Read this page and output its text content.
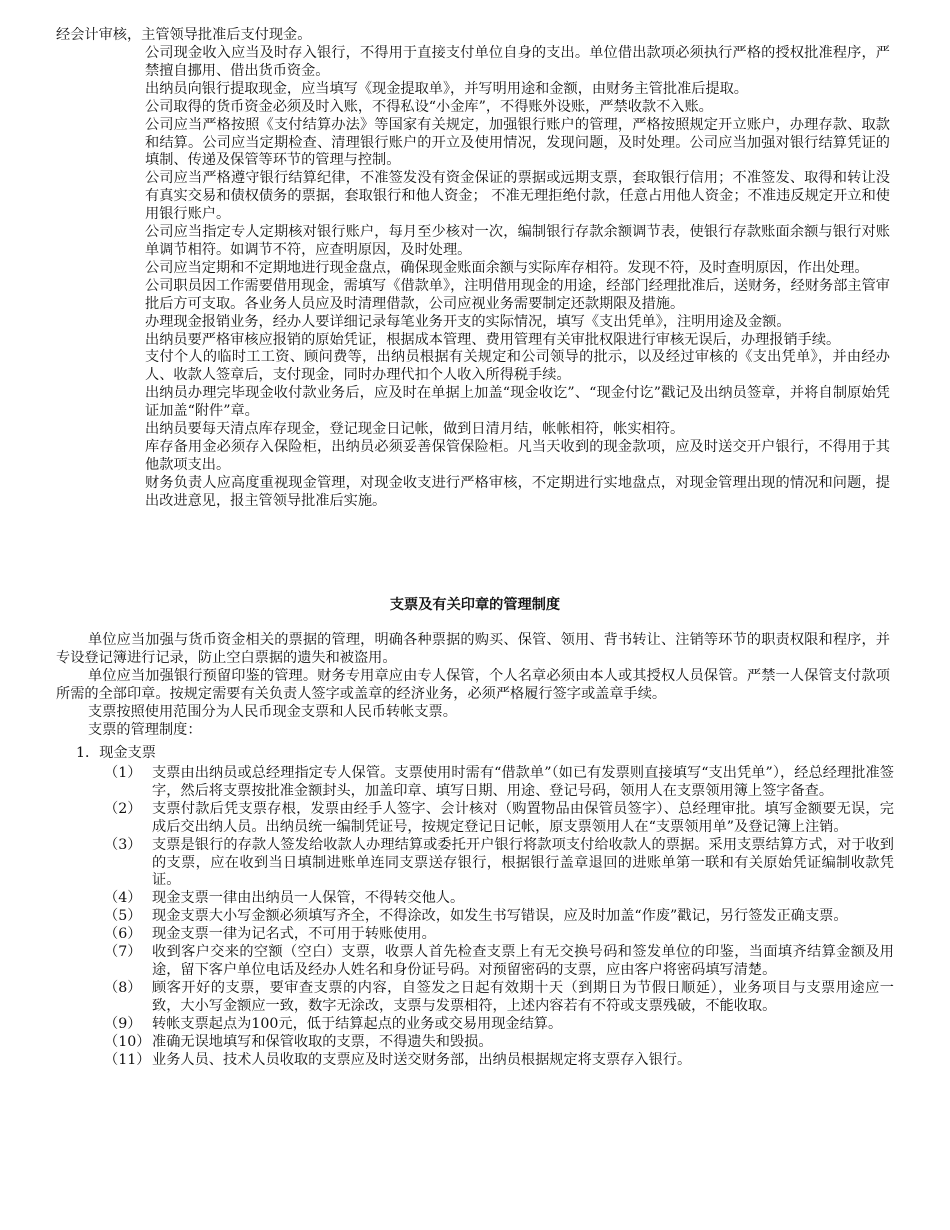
经会计审核，主管领导批准后支付现金。

公司现金收入应当及时存入银行，不得用于直接支付单位自身的支出。单位借出款项必须执行严格的授权批准程序，严禁擅自挪用、借出货币资金。

出纳员向银行提取现金，应当填写《现金提取单》，并写明用途和金额，由财务主管批准后提取。

公司取得的货币资金必须及时入账，不得私设“小金库”，不得账外设账，严禁收款不入账。

公司应当严格按照《支付结算办法》等国家有关规定，加强银行账户的管理，严格按照规定开立账户，办理存款、取款和结算。公司应当定期检查、清理银行账户的开立及使用情况，发现问题，及时处理。公司应当加强对银行结算凭证的填制、传递及保管等环节的管理与控制。

公司应当严格遵守银行结算纪律，不准签发没有资金保证的票据或远期支票，套取银行信用；不准签发、取得和转让没有真实交易和债权债务的票据，套取银行和他人资金； 不准无理拒绝付款，任意占用他人资金；不准违反规定开立和使用银行账户。

公司应当指定专人定期核对银行账户，每月至少核对一次，编制银行存款余额调节表，使银行存款账面余额与银行对账单调节相符。如调节不符，应查明原因，及时处理。

公司应当定期和不定期地进行现金盘点，确保现金账面余额与实际库存相符。发现不符，及时查明原因，作出处理。

公司职员因工作需要借用现金，需填写《借款单》，注明借用现金的用途，经部门经理批准后，送财务，经财务部主管审批后方可支取。各业务人员应及时清理借款，公司应视业务需要制定还款期限及措施。

办理现金报销业务，经办人要详细记录每笔业务开支的实际情况，填写《支出凭单》，注明用途及金额。

出纳员要严格审核应报销的原始凭证，根据成本管理、费用管理有关审批权限进行审核无误后，办理报销手续。

支付个人的临时工工资、顾问费等，出纳员根据有关规定和公司领导的批示，以及经过审核的《支出凭单》，并由经办人、收款人签章后，支付现金，同时办理代扣个人收入所得税手续。

出纳员办理完毕现金收付款业务后，应及时在单据上加盖“现金收讫”、“现金付讫”戳记及出纳员签章，并将自制原始凭证加盖“附件”章。

出纳员要每天清点库存现金，登记现金日记帐，做到日清月结，帐帐相符，帐实相符。

库存备用金必须存入保险柜，出纳员必须妥善保管保险柜。凡当天收到的现金款项，应及时送交开户银行，不得用于其他款项支出。

财务负责人应高度重视现金管理，对现金收支进行严格审核，不定期进行实地盘点，对现金管理出现的情况和问题，提出改进意见，报主管领导批准后实施。

支票及有关印章的管理制度

单位应当加强与货币资金相关的票据的管理，明确各种票据的购买、保管、领用、背书转让、注销等环节的职责权限和程序，并专设登记簿进行记录，防止空白票据的遗失和被盗用。

单位应当加强银行预留印鉴的管理。财务专用章应由专人保管，个人名章必须由本人或其授权人员保管。严禁一人保管支付款项所需的全部印章。按规定需要有关负责人签字或盖章的经济业务，必须严格履行签字或盖章手续。

支票按照使用范围分为人民币现金支票和人民币转帐支票。

支票的管理制度：

1．现金支票
（1） 支票由出纳员或总经理指定专人保管。支票使用时需有“借款单”（如已有发票则直接填写“支出凭单”），经总经理批准签字，然后将支票按批准金额封头，加盖印章、填写日期、用途、登记号码，领用人在支票领用簿上签字备查。
（2） 支票付款后凭支票存根，发票由经手人签字、会计核对（购置物品由保管员签字）、总经理审批。填写金额要无误，完成后交出纳人员。出纳员统一编制凭证号，按规定登记日记帐，原支票领用人在“支票领用单”及登记簿上注销。
（3） 支票是银行的存款人签发给收款人办理结算或委托开户银行将款项支付给收款人的票据。采用支票结算方式，对于收到的支票，应在收到当日填制进账单连同支票送存银行，根据银行盖章退回的进账单第一联和有关原始凭证编制收款凭证。
（4） 现金支票一律由出纳员一人保管，不得转交他人。
（5） 现金支票大小写金额必须填写齐全，不得涂改，如发生书写错误，应及时加盖“作废”戳记，另行签发正确支票。
（6） 现金支票一律为记名式，不可用于转账使用。
（7） 收到客户交来的空额（空白）支票，收票人首先检查支票上有无交换号码和签发单位的印鉴，当面填齐结算金额及用途，留下客户单位电话及经办人姓名和身份证号码。对预留密码的支票，应由客户将密码填写清楚。
（8） 顾客开好的支票，要审查支票的内容，自签发之日起有效期十天（到期日为节假日顺延），业务项目与支票用途应一致，大小写金额应一致，数字无涂改，支票与发票相符，上述内容若有不符或支票残破，不能收取。
（9） 转帐支票起点为100元，低于结算起点的业务或交易用现金结算。
（10） 准确无误地填写和保管收取的支票，不得遗失和毁损。
（11） 业务人员、技术人员收取的支票应及时送交财务部，出纳员根据规定将支票存入银行。
